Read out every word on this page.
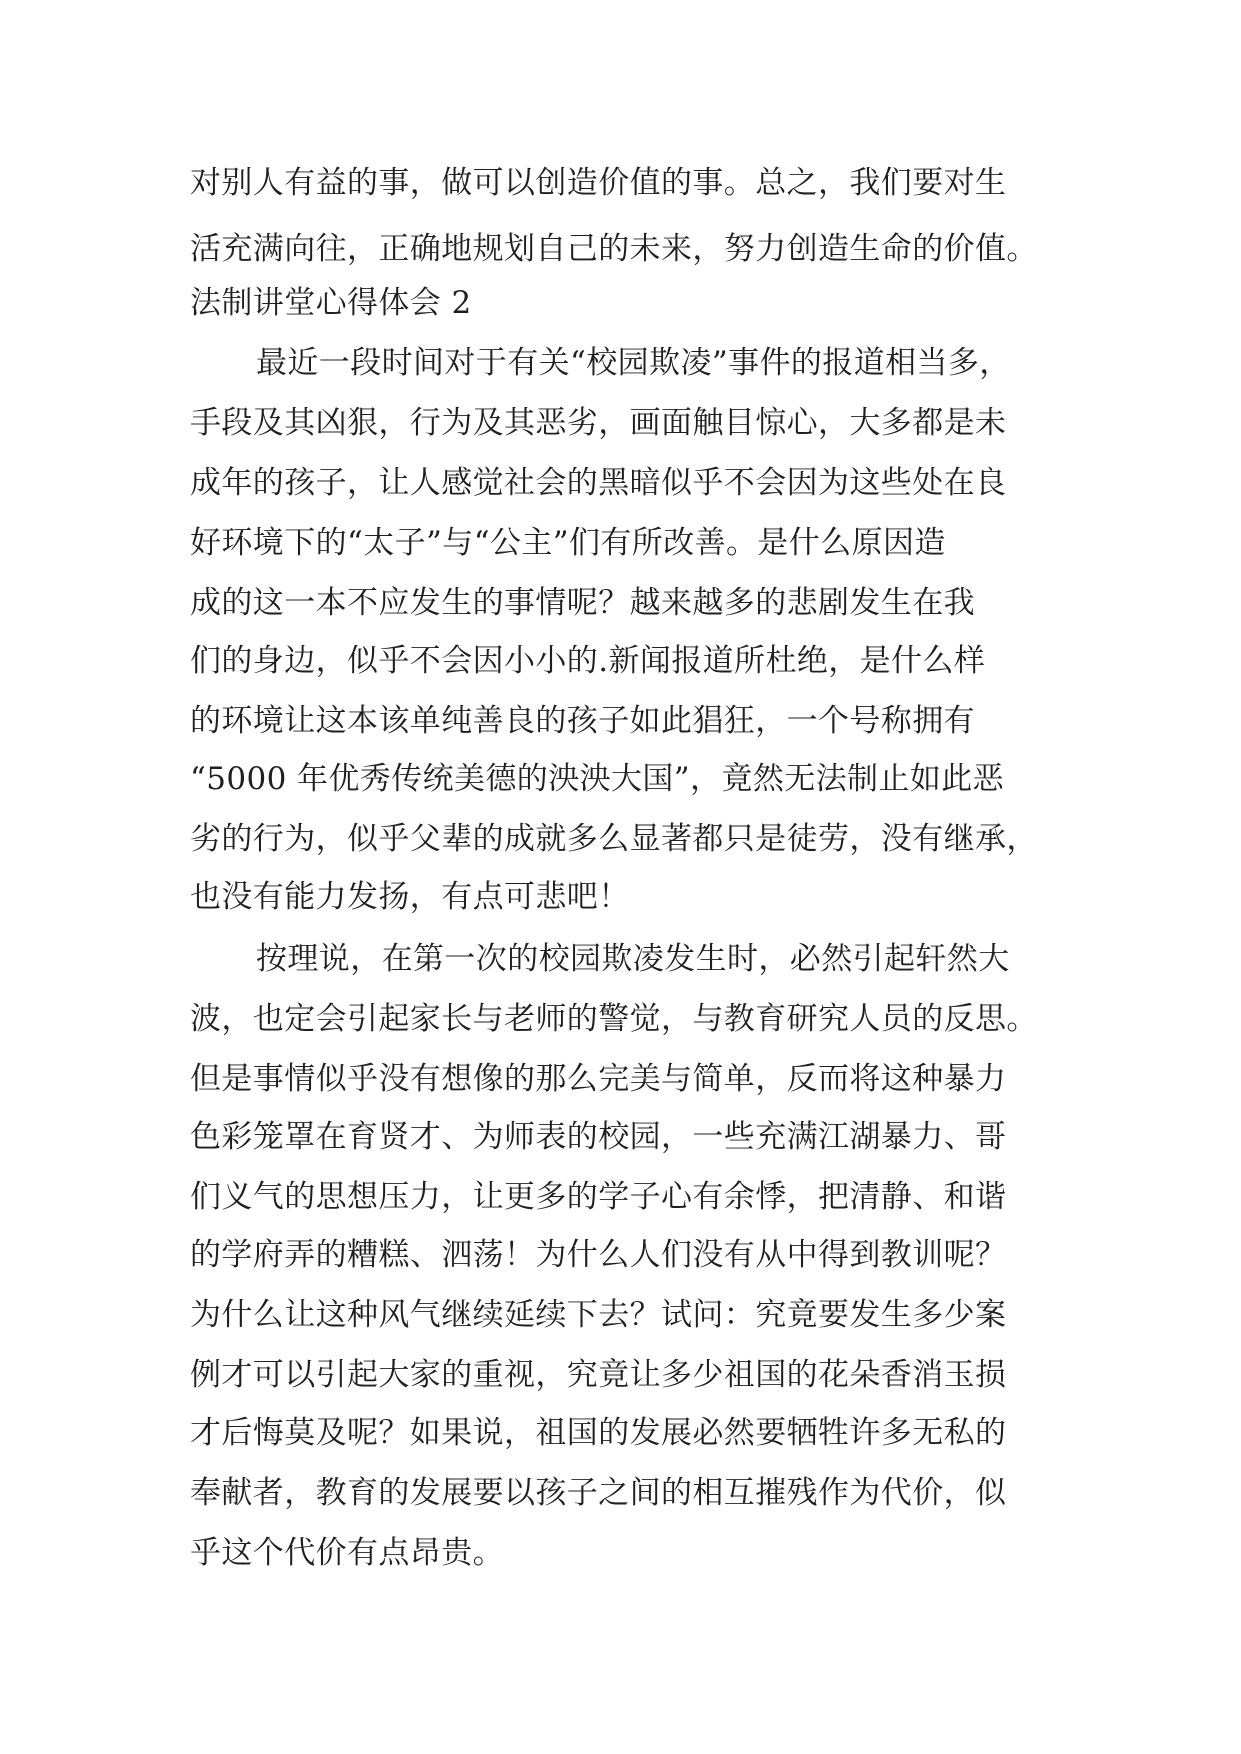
对别人有益的事，做可以创造价值的事。总之，我们要对生
活充满向往，正确地规划自己的未来，努力创造生命的价值。
法制讲堂心得体会 2
最近一段时间对于有关“校园欺凌”事件的报道相当多，
手段及其凶狠，行为及其恶劣，画面触目惊心，大多都是未
成年的孩子，让人感觉社会的黑暗似乎不会因为这些处在良
好环境下的“太子”与“公主”们有所改善。是什么原因造
成的这一本不应发生的事情呢？越来越多的悲剧发生在我
们的身边，似乎不会因小小的.新闻报道所杜绝，是什么样
的环境让这本该单纯善良的孩子如此猖狂，一个号称拥有
“5000 年优秀传统美德的泱泱大国”，竟然无法制止如此恶
劣的行为，似乎父辈的成就多么显著都只是徒劳，没有继承，
也没有能力发扬，有点可悲吧！
按理说，在第一次的校园欺凌发生时，必然引起轩然大
波，也定会引起家长与老师的警觉，与教育研究人员的反思。
但是事情似乎没有想像的那么完美与简单，反而将这种暴力
色彩笼罩在育贤才、为师表的校园，一些充满江湖暴力、哥
们义气的思想压力，让更多的学子心有余悸，把清静、和谐
的学府弄的糟糕、泗荡！为什么人们没有从中得到教训呢？
为什么让这种风气继续延续下去？试问：究竟要发生多少案
例才可以引起大家的重视，究竟让多少祖国的花朵香消玉损
才后悔莫及呢？如果说，祖国的发展必然要牺牲许多无私的
奉献者，教育的发展要以孩子之间的相互摧残作为代价，似
乎这个代价有点昂贵。
